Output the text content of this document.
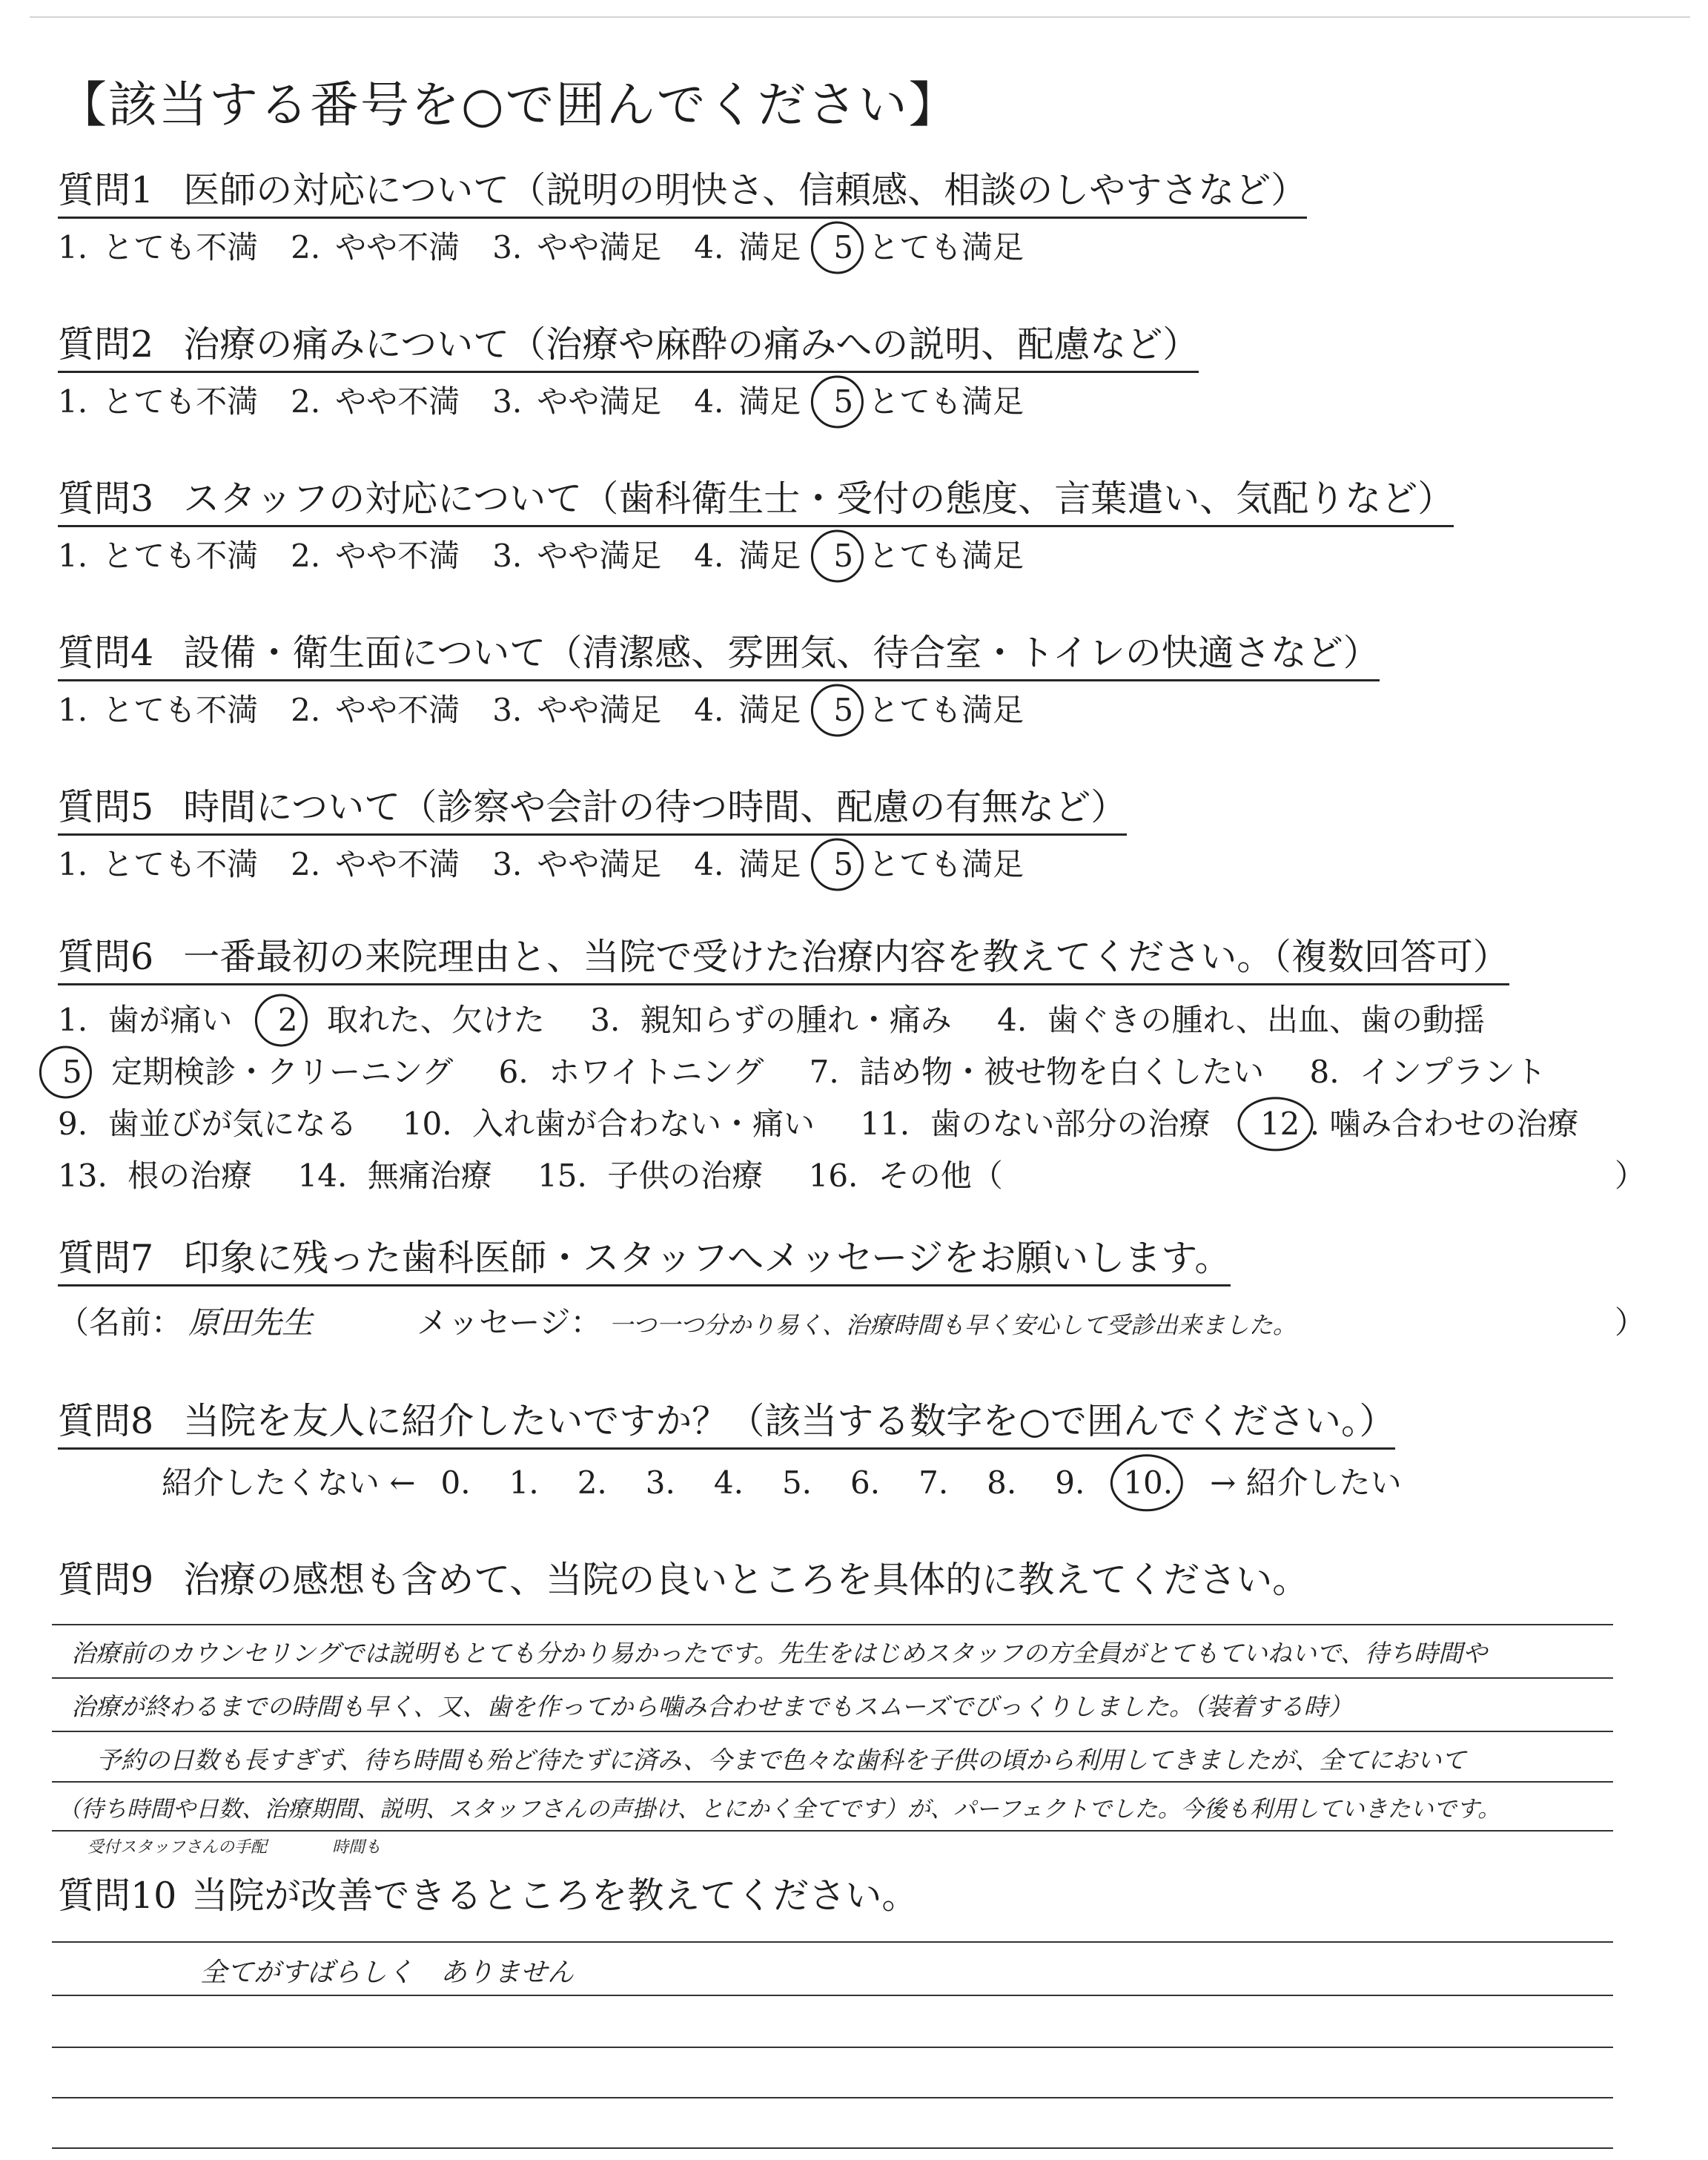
【該当する番号を○で囲んでください】
質問1 医師の対応について（説明の明快さ、信頼感、相談のしやすさなど）
1. とても不満 2. やや不満 3. やや満足 4. 満足 5 とても満足
質問2 治療の痛みについて（治療や麻酔の痛みへの説明、配慮など）
1. とても不満 2. やや不満 3. やや満足 4. 満足 5 とても満足
質問3 スタッフの対応について（歯科衛生士・受付の態度、言葉遣い、気配りなど）
1. とても不満 2. やや不満 3. やや満足 4. 満足 5 とても満足
質問4 設備・衛生面について（清潔感、雰囲気、待合室・トイレの快適さなど）
1. とても不満 2. やや不満 3. やや満足 4. 満足 5 とても満足
質問5 時間について（診察や会計の待つ時間、配慮の有無など）
1. とても不満 2. やや不満 3. やや満足 4. 満足 5 とても満足
質問6 一番最初の来院理由と、当院で受けた治療内容を教えてください。（複数回答可）
1. 歯が痛い 2 取れた、欠けた 3. 親知らずの腫れ・痛み 4. 歯ぐきの腫れ、出血、歯の動揺
5 定期検診・クリーニング 6. ホワイトニング 7. 詰め物・被せ物を白くしたい 8. インプラント
9. 歯並びが気になる 10. 入れ歯が合わない・痛い 11. 歯のない部分の治療 12 . 噛み合わせの治療
13. 根の治療 14. 無痛治療 15. 子供の治療 16. その他（	）
質問7 印象に残った歯科医師・スタッフへメッセージをお願いします。
（名前： 原田先生	メッセージ： 一つ一つ分かり易く、治療時間も早く安心して受診出来ました。	）
質問8 当院を友人に紹介したいですか？（該当する数字を○で囲んでください。）
紹介したくない ← 0. 1. 2. 3. 4. 5. 6. 7. 8. 9. 10. → 紹介したい
質問9 治療の感想も含めて、当院の良いところを具体的に教えてください。
治療前のカウンセリングでは説明もとても分かり易かったです。先生をはじめスタッフの方全員がとてもていねいで、待ち時間や
治療が終わるまでの時間も早く、又、歯を作ってから噛み合わせまでもスムーズでびっくりしました。（装着する時）
予約の日数も長すぎず、待ち時間も殆ど待たずに済み、今まで色々な歯科を子供の頃から利用してきましたが、全てにおいて
（待ち時間や日数、治療期間、説明、スタッフさんの声掛け、とにかく全てです）が、パーフェクトでした。今後も利用していきたいです。
受付スタッフさんの手配	時間も
質問10 当院が改善できるところを教えてください。
全てがすばらしく　ありません
